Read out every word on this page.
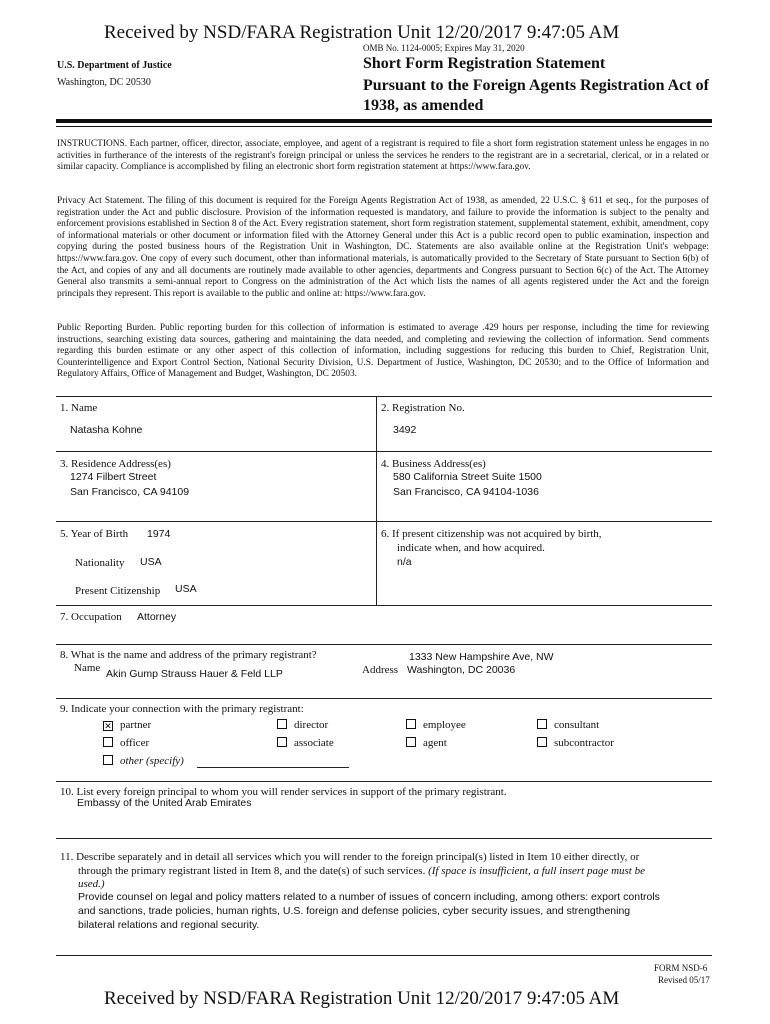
Received by NSD/FARA Registration Unit 12/20/2017 9:47:05 AM
OMB No. 1124-0005; Expires May 31, 2020
U.S. Department of Justice
Washington, DC 20530
Short Form Registration Statement
Pursuant to the Foreign Agents Registration Act of
1938, as amended
INSTRUCTIONS. Each partner, officer, director, associate, employee, and agent of a registrant is required to file a short form registration statement unless he engages in no activities in furtherance of the interests of the registrant's foreign principal or unless the services he renders to the registrant are in a secretarial, clerical, or in a related or similar capacity. Compliance is accomplished by filing an electronic short form registration statement at https://www.fara.gov.
Privacy Act Statement. The filing of this document is required for the Foreign Agents Registration Act of 1938, as amended, 22 U.S.C. § 611 et seq., for the purposes of registration under the Act and public disclosure. Provision of the information requested is mandatory, and failure to provide the information is subject to the penalty and enforcement provisions established in Section 8 of the Act. Every registration statement, short form registration statement, supplemental statement, exhibit, amendment, copy of informational materials or other document or information filed with the Attorney General under this Act is a public record open to public examination, inspection and copying during the posted business hours of the Registration Unit in Washington, DC. Statements are also available online at the Registration Unit's webpage: https://www.fara.gov. One copy of every such document, other than informational materials, is automatically provided to the Secretary of State pursuant to Section 6(b) of the Act, and copies of any and all documents are routinely made available to other agencies, departments and Congress pursuant to Section 6(c) of the Act. The Attorney General also transmits a semi-annual report to Congress on the administration of the Act which lists the names of all agents registered under the Act and the foreign principals they represent. This report is available to the public and online at: https://www.fara.gov.
Public Reporting Burden. Public reporting burden for this collection of information is estimated to average .429 hours per response, including the time for reviewing instructions, searching existing data sources, gathering and maintaining the data needed, and completing and reviewing the collection of information. Send comments regarding this burden estimate or any other aspect of this collection of information, including suggestions for reducing this burden to Chief, Registration Unit, Counterintelligence and Export Control Section, National Security Division, U.S. Department of Justice, Washington, DC 20530; and to the Office of Information and Regulatory Affairs, Office of Management and Budget, Washington, DC 20503.
1. Name
Natasha Kohne
2. Registration No.
3492
3. Residence Address(es)
1274 Filbert Street
San Francisco, CA 94109
4. Business Address(es)
580 California Street Suite 1500
San Francisco, CA 94104-1036
5. Year of Birth 1974
Nationality USA
Present Citizenship USA
6. If present citizenship was not acquired by birth,
indicate when, and how acquired.
n/a
7. Occupation Attorney
8. What is the name and address of the primary registrant?
Name Akin Gump Strauss Hauer & Feld LLP
1333 New Hampshire Ave, NW
Address Washington, DC 20036
9. Indicate your connection with the primary registrant:
✕ partner
officer
other (specify)
director
associate
employee
agent
consultant
subcontractor
10. List every foreign principal to whom you will render services in support of the primary registrant.
Embassy of the United Arab Emirates
11. Describe separately and in detail all services which you will render to the foreign principal(s) listed in Item 10 either directly, or
through the primary registrant listed in Item 8, and the date(s) of such services. (If space is insufficient, a full insert page must be
used.)
Provide counsel on legal and policy matters related to a number of issues of concern including, among others: export controls
and sanctions, trade policies, human rights, U.S. foreign and defense policies, cyber security issues, and strengthening
bilateral relations and regional security.
FORM NSD-6
Revised 05/17
Received by NSD/FARA Registration Unit 12/20/2017 9:47:05 AM
